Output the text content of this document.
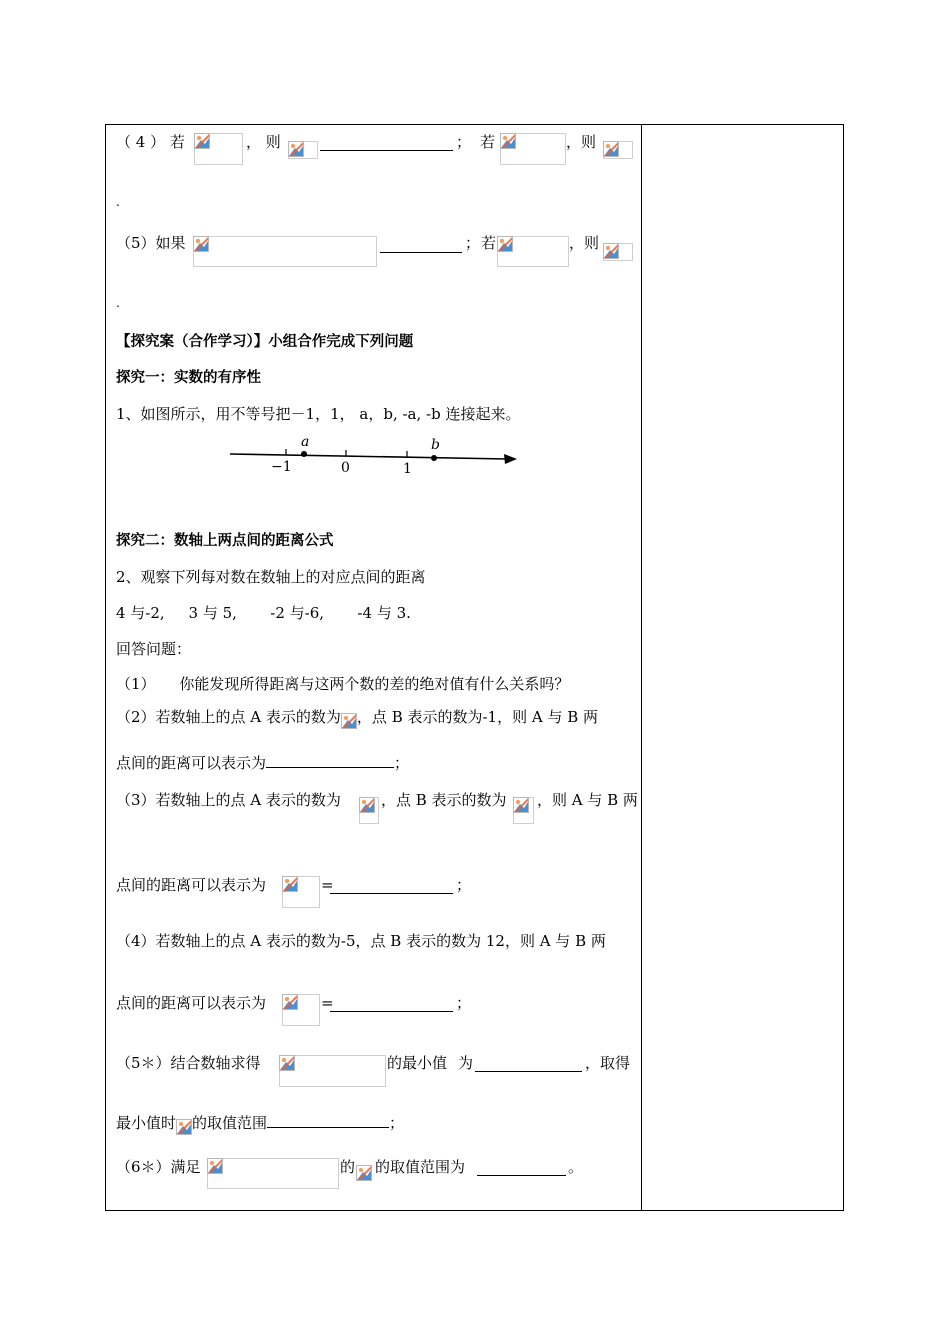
（ 4 ） 若	， 则	； 若	，则
.
（5）如果	； 若	，则
.
【探究案（合作学习）】小组合作完成下列问题
探究一：实数的有序性
1、如图所示，用不等号把－1，1， a，b, -a, -b 连接起来。
−1	0	1
a	b
探究二：数轴上两点间的距离公式
2、观察下列每对数在数轴上的对应点间的距离
4 与-2,     3 与 5,       -2 与-6,       -4 与 3.
回答问题：
（1）     你能发现所得距离与这两个数的差的绝对值有什么关系吗？
（2）若数轴上的点 A 表示的数为 ，点 B 表示的数为-1，则 A 与 B 两
点间的距离可以表示为	；
（3）若数轴上的点 A 表示的数为	，点 B 表示的数为 ，则 A 与 B 两
点间的距离可以表示为	=	；
（4）若数轴上的点 A 表示的数为-5，点 B 表示的数为 12，则 A 与 B 两
点间的距离可以表示为	=	；
（5＊）结合数轴求得	的最小值 为	，取得
最小值时 的取值范围	；
（6＊）满足	的 的取值范围为	。
